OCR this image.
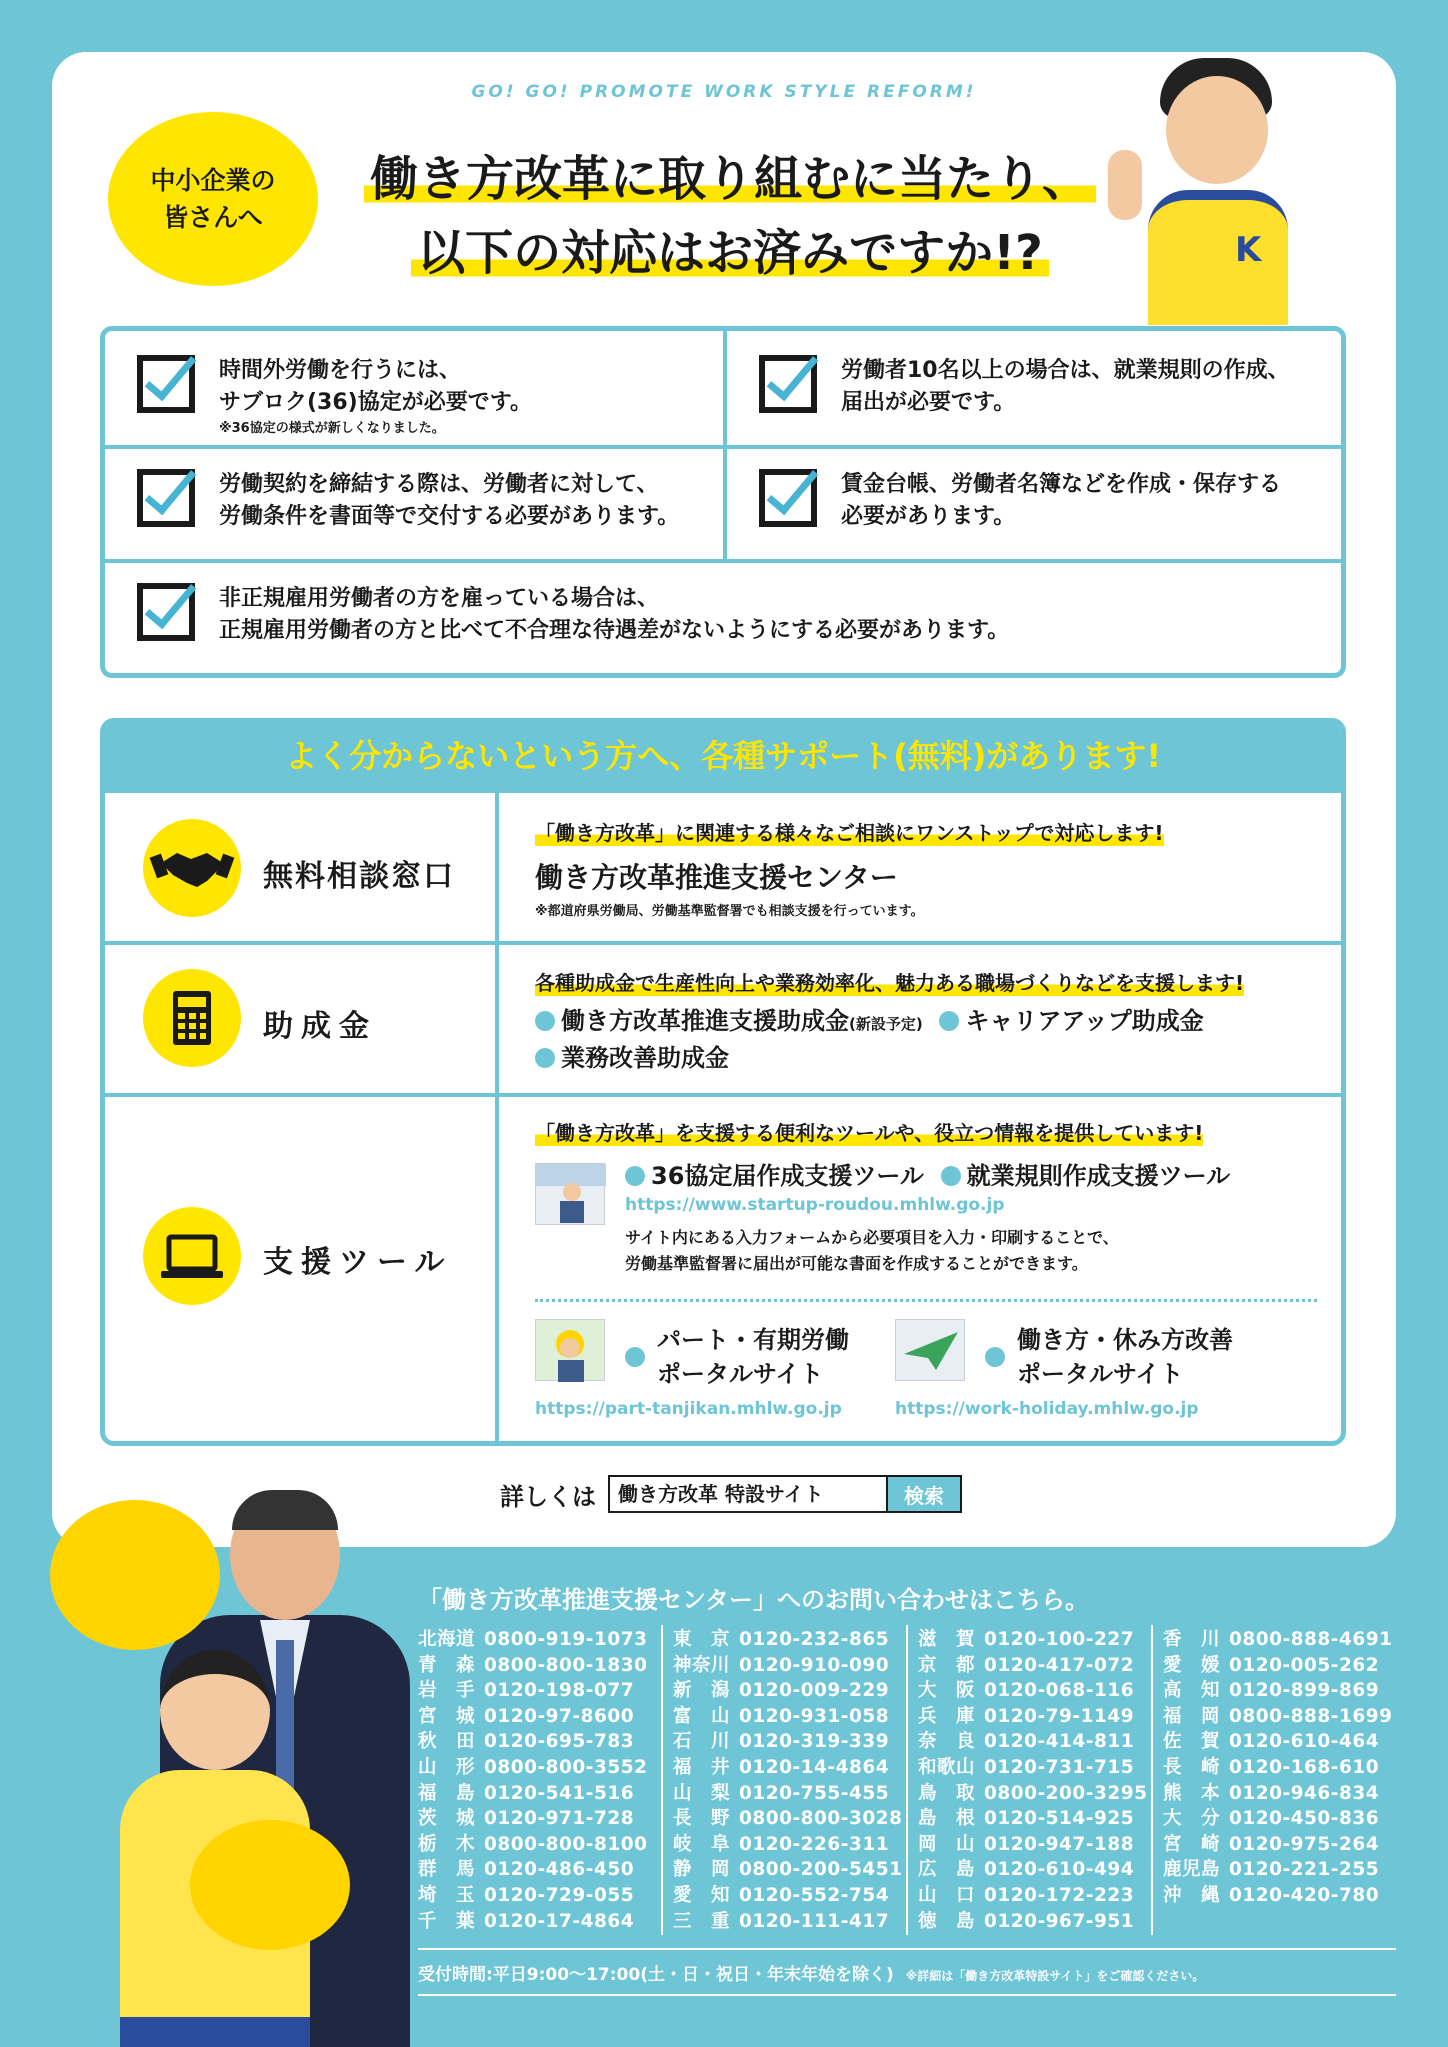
GO! GO! PROMOTE WORK STYLE REFORM!
中小企業の
皆さんへ
働き方改革に取り組むに当たり、
以下の対応はお済みですか!?	K
時間外労働を行うには、
サブロク(36)協定が必要です。
※36協定の様式が新しくなりました。
労働者10名以上の場合は、就業規則の作成、
届出が必要です。
労働契約を締結する際は、労働者に対して、
労働条件を書面等で交付する必要があります。
賃金台帳、労働者名簿などを作成・保存する
必要があります。
非正規雇用労働者の方を雇っている場合は、
正規雇用労働者の方と比べて不合理な待遇差がないようにする必要があります。
よく分からないという方へ、各種サポート(無料)があります!
無料相談窓口
「働き方改革」に関連する様々なご相談にワンストップで対応します!
働き方改革推進支援センター
※都道府県労働局、労働基準監督署でも相談支援を行っています。
助成金
各種助成金で生産性向上や業務効率化、魅力ある職場づくりなどを支援します!
働き方改革推進支援助成金(新設予定) キャリアアップ助成金
業務改善助成金
支援ツール
「働き方改革」を支援する便利なツールや、役立つ情報を提供しています!
36協定届作成支援ツール 就業規則作成支援ツール
https://www.startup-roudou.mhlw.go.jp
サイト内にある入力フォームから必要項目を入力・印刷することで、
労働基準監督署に届出が可能な書面を作成することができます。
パート・有期労働
ポータルサイト
https://part-tanjikan.mhlw.go.jp
働き方・休み方改善
ポータルサイト
https://work-holiday.mhlw.go.jp
詳しくは	働き方改革 特設サイト	検索
「働き方改革推進支援センター」へのお問い合わせはこちら。
北海道 0800-919-1073
青　森 0800-800-1830
岩　手 0120-198-077
宮　城 0120-97-8600
秋　田 0120-695-783
山　形 0800-800-3552
福　島 0120-541-516
茨　城 0120-971-728
栃　木 0800-800-8100
群　馬 0120-486-450
埼　玉 0120-729-055
千　葉 0120-17-4864
東　京 0120-232-865
神奈川 0120-910-090
新　潟 0120-009-229
富　山 0120-931-058
石　川 0120-319-339
福　井 0120-14-4864
山　梨 0120-755-455
長　野 0800-800-3028
岐　阜 0120-226-311
静　岡 0800-200-5451
愛　知 0120-552-754
三　重 0120-111-417
滋　賀 0120-100-227
京　都 0120-417-072
大　阪 0120-068-116
兵　庫 0120-79-1149
奈　良 0120-414-811
和歌山 0120-731-715
鳥　取 0800-200-3295
島　根 0120-514-925
岡　山 0120-947-188
広　島 0120-610-494
山　口 0120-172-223
徳　島 0120-967-951
香　川 0800-888-4691
愛　媛 0120-005-262
高　知 0120-899-869
福　岡 0800-888-1699
佐　賀 0120-610-464
長　崎 0120-168-610
熊　本 0120-946-834
大　分 0120-450-836
宮　崎 0120-975-264
鹿児島 0120-221-255
沖　縄 0120-420-780
受付時間:平日9:00〜17:00(土・日・祝日・年末年始を除く) ※詳細は「働き方改革特設サイト」をご確認ください。
